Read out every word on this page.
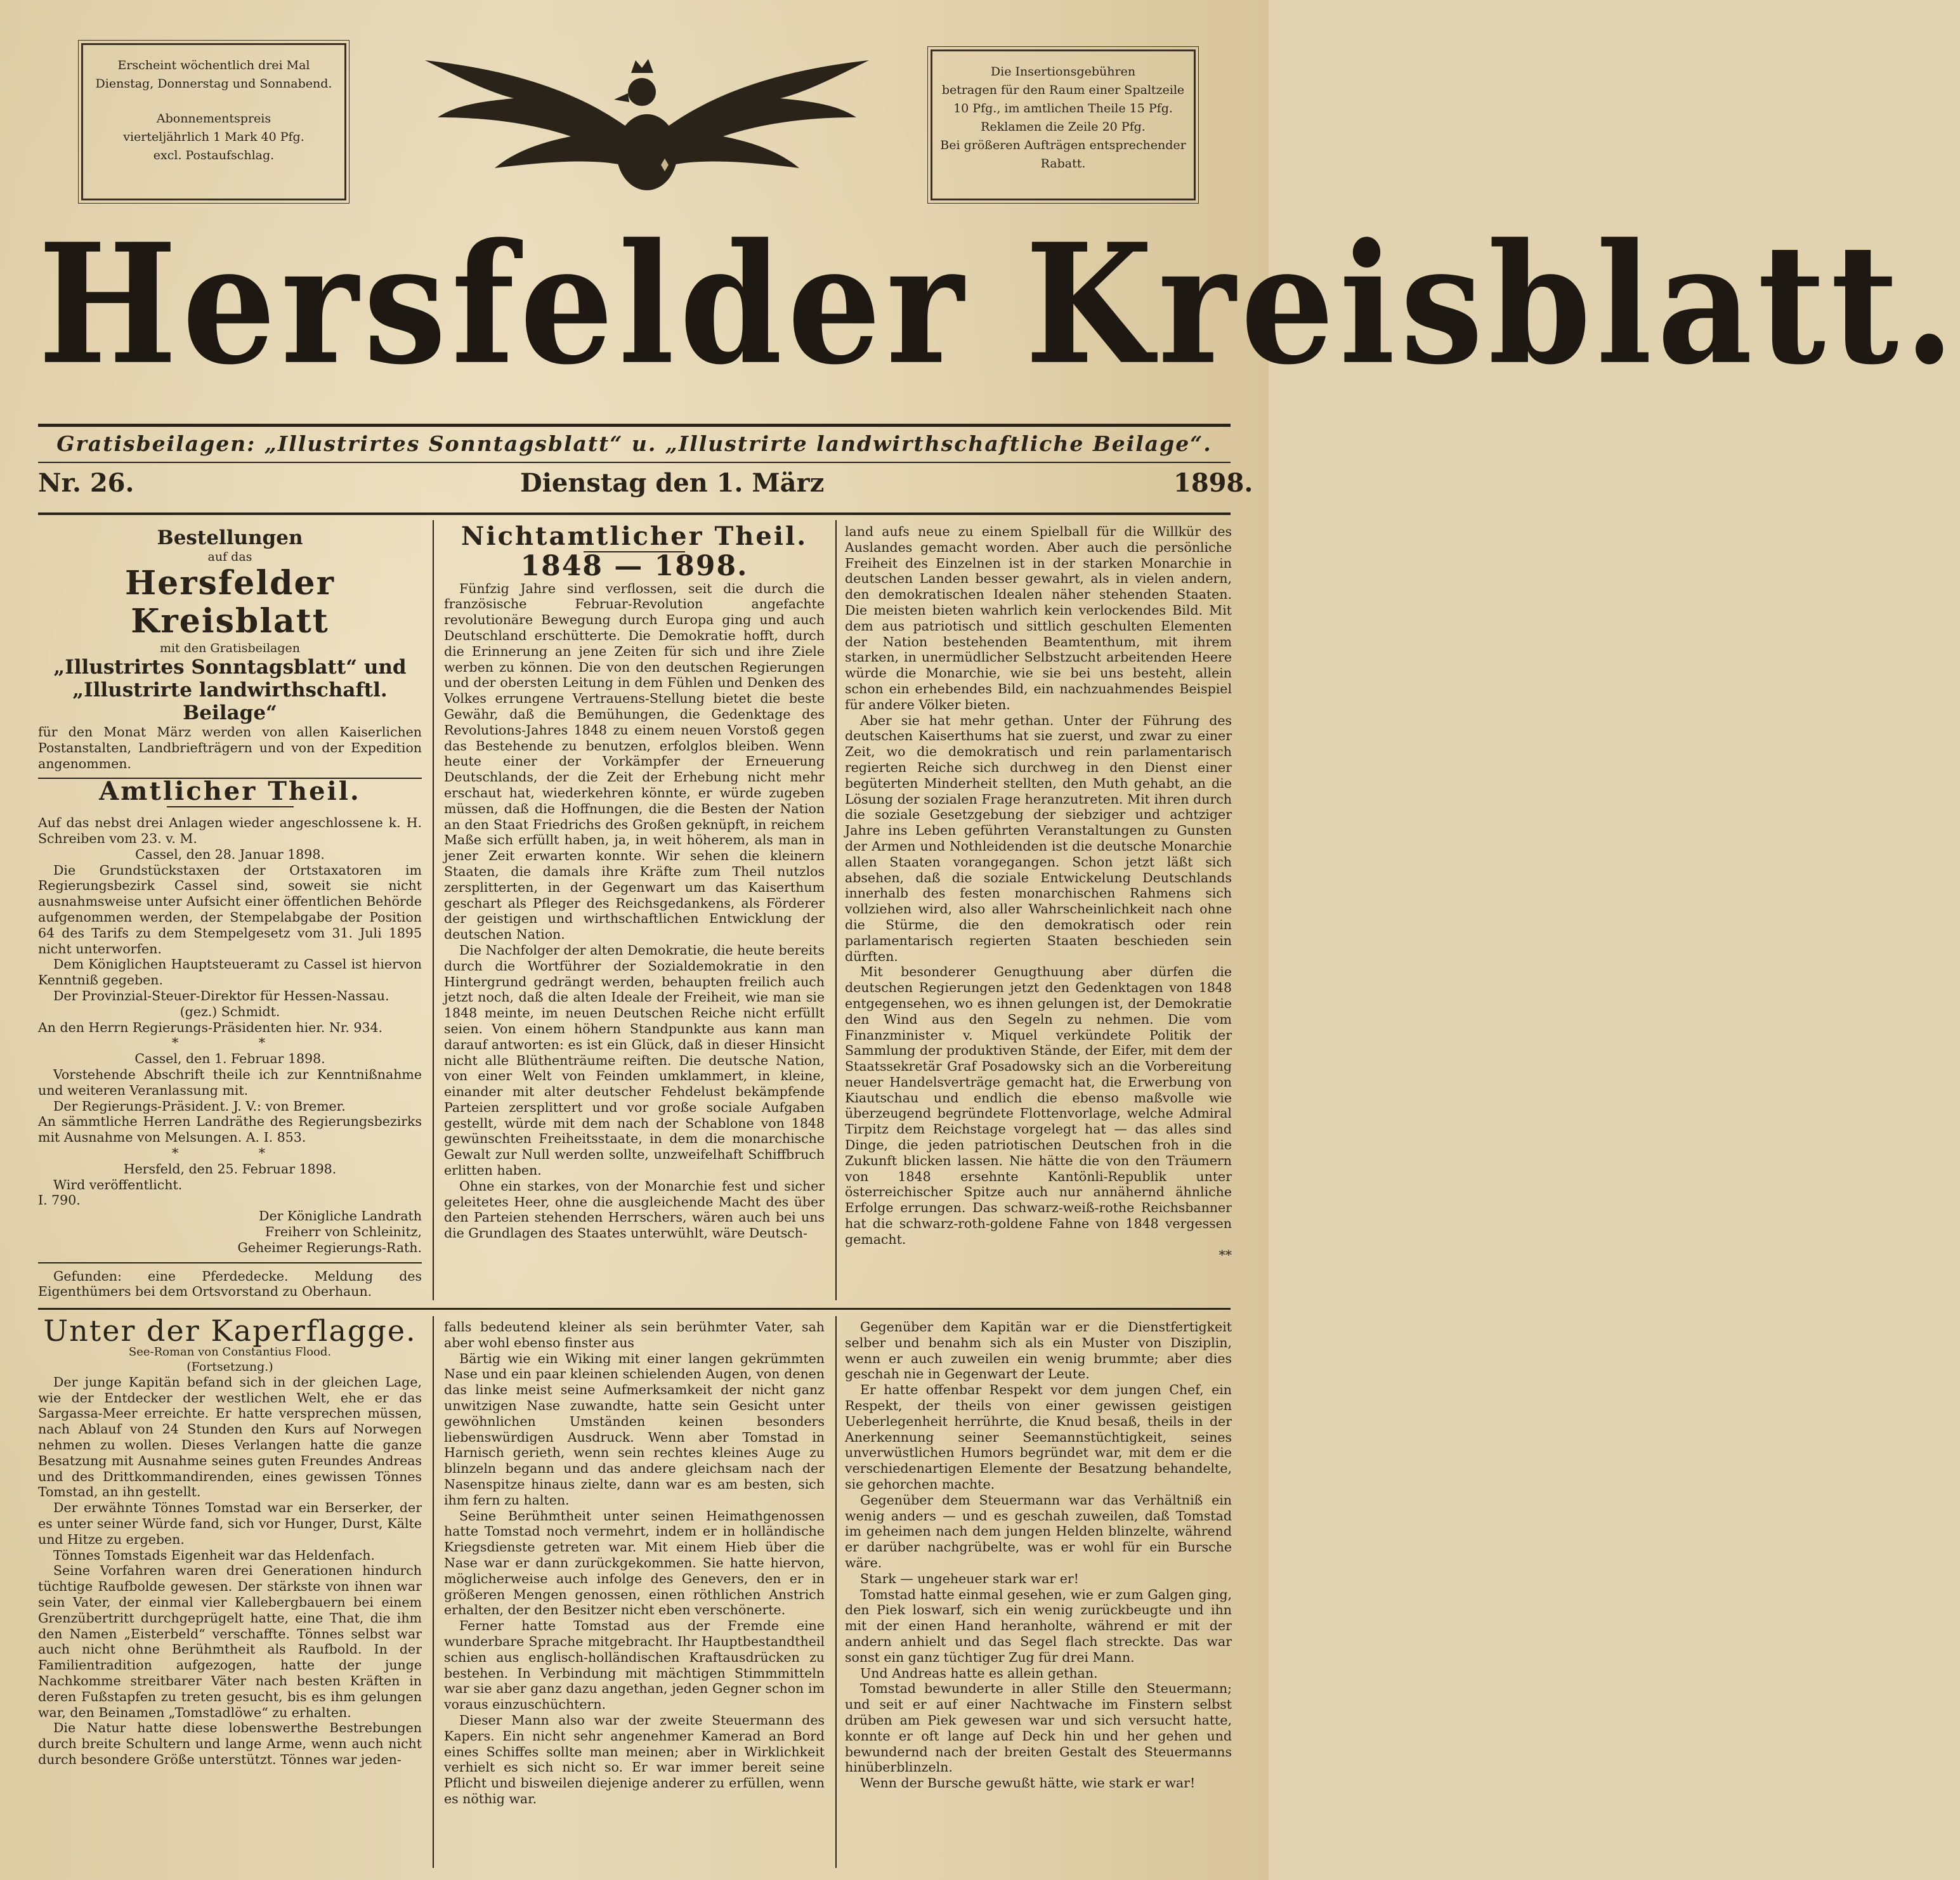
Erscheint wöchentlich drei Mal

Dienstag, Donnerstag und Sonnabend.

Abonnementspreis

vierteljährlich 1 Mark 40 Pfg.

excl. Postaufschlag.

Die Insertionsgebühren

betragen für den Raum einer Spaltzeile

10 Pfg., im amtlichen Theile 15 Pfg.

Reklamen die Zeile 20 Pfg.

Bei größeren Aufträgen entsprechender

Rabatt.

Hersfelder Kreisblatt.
Gratisbeilagen: „Illustrirtes Sonntagsblatt“ u. „Illustrirte landwirthschaftliche Beilage“.
Nr. 26.	Dienstag den 1. März	1898.
Bestellungen
auf das
Hersfelder Kreisblatt
mit den Gratisbeilagen
„Illustrirtes Sonntagsblatt“ und
„Illustrirte landwirthschaftl. Beilage“

für den Monat März werden von allen Kaiserlichen Postanstalten, Landbriefträgern und von der Expedition angenommen.

Amtlicher Theil.

Auf das nebst drei Anlagen wieder angeschlossene k. H. Schreiben vom 23. v. M.

Cassel, den 28. Januar 1898.

Die Grundstückstaxen der Ortstaxatoren im Regierungsbezirk Cassel sind, soweit sie nicht ausnahmsweise unter Aufsicht einer öffentlichen Behörde aufgenommen werden, der Stempelabgabe der Position 64 des Tarifs zu dem Stempelgesetz vom 31. Juli 1895 nicht unterworfen.

Dem Königlichen Hauptsteueramt zu Cassel ist hiervon Kenntniß gegeben.

Der Provinzial-Steuer-Direktor für Hessen-Nassau.

(gez.) Schmidt.

An den Herrn Regierungs-Präsidenten hier. Nr. 934.

* *

Cassel, den 1. Februar 1898.

Vorstehende Abschrift theile ich zur Kenntnißnahme und weiteren Veranlassung mit.

Der Regierungs-Präsident. J. V.: von Bremer.

An sämmtliche Herren Landräthe des Regierungsbezirks mit Ausnahme von Melsungen. A. I. 853.

* *

Hersfeld, den 25. Februar 1898.

Wird veröffentlicht.

I. 790.

Der Königliche Landrath

Freiherr von Schleinitz,

Geheimer Regierungs-Rath.

Gefunden: eine Pferdedecke. Meldung des Eigenthümers bei dem Ortsvorstand zu Oberhaun.

Nichtamtlicher Theil.
1848 — 1898.

Fünfzig Jahre sind verflossen, seit die durch die französische Februar-Revolution angefachte revolutionäre Bewegung durch Europa ging und auch Deutschland erschütterte. Die Demokratie hofft, durch die Erinnerung an jene Zeiten für sich und ihre Ziele werben zu können. Die von den deutschen Regierungen und der obersten Leitung in dem Fühlen und Denken des Volkes errungene Vertrauens-Stellung bietet die beste Gewähr, daß die Bemühungen, die Gedenktage des Revolutions-Jahres 1848 zu einem neuen Vorstoß gegen das Bestehende zu benutzen, erfolglos bleiben. Wenn heute einer der Vorkämpfer der Erneuerung Deutschlands, der die Zeit der Erhebung nicht mehr erschaut hat, wiederkehren könnte, er würde zugeben müssen, daß die Hoffnungen, die die Besten der Nation an den Staat Friedrichs des Großen geknüpft, in reichem Maße sich erfüllt haben, ja, in weit höherem, als man in jener Zeit erwarten konnte. Wir sehen die kleinern Staaten, die damals ihre Kräfte zum Theil nutzlos zersplitterten, in der Gegenwart um das Kaiserthum geschart als Pfleger des Reichsgedankens, als Förderer der geistigen und wirthschaftlichen Entwicklung der deutschen Nation.

Die Nachfolger der alten Demokratie, die heute bereits durch die Wortführer der Sozialdemokratie in den Hintergrund gedrängt werden, behaupten freilich auch jetzt noch, daß die alten Ideale der Freiheit, wie man sie 1848 meinte, im neuen Deutschen Reiche nicht erfüllt seien. Von einem höhern Standpunkte aus kann man darauf antworten: es ist ein Glück, daß in dieser Hinsicht nicht alle Blüthenträume reiften. Die deutsche Nation, von einer Welt von Feinden umklammert, in kleine, einander mit alter deutscher Fehdelust bekämpfende Parteien zersplittert und vor große sociale Aufgaben gestellt, würde mit dem nach der Schablone von 1848 gewünschten Freiheitsstaate, in dem die monarchische Gewalt zur Null werden sollte, unzweifelhaft Schiffbruch erlitten haben.

Ohne ein starkes, von der Monarchie fest und sicher geleitetes Heer, ohne die ausgleichende Macht des über den Parteien stehenden Herrschers, wären auch bei uns die Grundlagen des Staates unterwühlt, wäre Deutsch-

land aufs neue zu einem Spielball für die Willkür des Auslandes gemacht worden. Aber auch die persönliche Freiheit des Einzelnen ist in der starken Monarchie in deutschen Landen besser gewahrt, als in vielen andern, den demokratischen Idealen näher stehenden Staaten. Die meisten bieten wahrlich kein verlockendes Bild. Mit dem aus patriotisch und sittlich geschulten Elementen der Nation bestehenden Beamtenthum, mit ihrem starken, in unermüdlicher Selbstzucht arbeitenden Heere würde die Monarchie, wie sie bei uns besteht, allein schon ein erhebendes Bild, ein nachzuahmendes Beispiel für andere Völker bieten.

Aber sie hat mehr gethan. Unter der Führung des deutschen Kaiserthums hat sie zuerst, und zwar zu einer Zeit, wo die demokratisch und rein parlamentarisch regierten Reiche sich durchweg in den Dienst einer begüterten Minderheit stellten, den Muth gehabt, an die Lösung der sozialen Frage heranzutreten. Mit ihren durch die soziale Gesetzgebung der siebziger und achtziger Jahre ins Leben geführten Veranstaltungen zu Gunsten der Armen und Nothleidenden ist die deutsche Monarchie allen Staaten vorangegangen. Schon jetzt läßt sich absehen, daß die soziale Entwickelung Deutschlands innerhalb des festen monarchischen Rahmens sich vollziehen wird, also aller Wahrscheinlichkeit nach ohne die Stürme, die den demokratisch oder rein parlamentarisch regierten Staaten beschieden sein dürften.

Mit besonderer Genugthuung aber dürfen die deutschen Regierungen jetzt den Gedenktagen von 1848 entgegensehen, wo es ihnen gelungen ist, der Demokratie den Wind aus den Segeln zu nehmen. Die vom Finanzminister v. Miquel verkündete Politik der Sammlung der produktiven Stände, der Eifer, mit dem der Staatssekretär Graf Posadowsky sich an die Vorbereitung neuer Handelsverträge gemacht hat, die Erwerbung von Kiautschau und endlich die ebenso maßvolle wie überzeugend begründete Flottenvorlage, welche Admiral Tirpitz dem Reichstage vorgelegt hat — das alles sind Dinge, die jeden patriotischen Deutschen froh in die Zukunft blicken lassen. Nie hätte die von den Träumern von 1848 ersehnte Kantönli-Republik unter österreichischer Spitze auch nur annähernd ähnliche Erfolge errungen. Das schwarz-weiß-rothe Reichsbanner hat die schwarz-roth-goldene Fahne von 1848 vergessen gemacht.

**

Unter der Kaperflagge.
See-Roman von Constantius Flood.
(Fortsetzung.)

Der junge Kapitän befand sich in der gleichen Lage, wie der Entdecker der westlichen Welt, ehe er das Sargassa-Meer erreichte. Er hatte versprechen müssen, nach Ablauf von 24 Stunden den Kurs auf Norwegen nehmen zu wollen. Dieses Verlangen hatte die ganze Besatzung mit Ausnahme seines guten Freundes Andreas und des Drittkommandirenden, eines gewissen Tönnes Tomstad, an ihn gestellt.

Der erwähnte Tönnes Tomstad war ein Berserker, der es unter seiner Würde fand, sich vor Hunger, Durst, Kälte und Hitze zu ergeben.

Tönnes Tomstads Eigenheit war das Heldenfach.

Seine Vorfahren waren drei Generationen hindurch tüchtige Raufbolde gewesen. Der stärkste von ihnen war sein Vater, der einmal vier Kallebergbauern bei einem Grenzübertritt durchgeprügelt hatte, eine That, die ihm den Namen „Eisterbeld“ verschaffte. Tönnes selbst war auch nicht ohne Berühmtheit als Raufbold. In der Familientradition aufgezogen, hatte der junge Nachkomme streitbarer Väter nach besten Kräften in deren Fußstapfen zu treten gesucht, bis es ihm gelungen war, den Beinamen „Tomstadlöwe“ zu erhalten.

Die Natur hatte diese lobenswerthe Bestrebungen durch breite Schultern und lange Arme, wenn auch nicht durch besondere Größe unterstützt. Tönnes war jeden-

falls bedeutend kleiner als sein berühmter Vater, sah aber wohl ebenso finster aus

Bärtig wie ein Wiking mit einer langen gekrümmten Nase und ein paar kleinen schielenden Augen, von denen das linke meist seine Aufmerksamkeit der nicht ganz unwitzigen Nase zuwandte, hatte sein Gesicht unter gewöhnlichen Umständen keinen besonders liebenswürdigen Ausdruck. Wenn aber Tomstad in Harnisch gerieth, wenn sein rechtes kleines Auge zu blinzeln begann und das andere gleichsam nach der Nasenspitze hinaus zielte, dann war es am besten, sich ihm fern zu halten.

Seine Berühmtheit unter seinen Heimathgenossen hatte Tomstad noch vermehrt, indem er in holländische Kriegsdienste getreten war. Mit einem Hieb über die Nase war er dann zurückgekommen. Sie hatte hiervon, möglicherweise auch infolge des Genevers, den er in größeren Mengen genossen, einen röthlichen Anstrich erhalten, der den Besitzer nicht eben verschönerte.

Ferner hatte Tomstad aus der Fremde eine wunderbare Sprache mitgebracht. Ihr Hauptbestandtheil schien aus englisch-holländischen Kraftausdrücken zu bestehen. In Verbindung mit mächtigen Stimmmitteln war sie aber ganz dazu angethan, jeden Gegner schon im voraus einzuschüchtern.

Dieser Mann also war der zweite Steuermann des Kapers. Ein nicht sehr angenehmer Kamerad an Bord eines Schiffes sollte man meinen; aber in Wirklichkeit verhielt es sich nicht so. Er war immer bereit seine Pflicht und bisweilen diejenige anderer zu erfüllen, wenn es nöthig war.

Gegenüber dem Kapitän war er die Dienstfertigkeit selber und benahm sich als ein Muster von Disziplin, wenn er auch zuweilen ein wenig brummte; aber dies geschah nie in Gegenwart der Leute.

Er hatte offenbar Respekt vor dem jungen Chef, ein Respekt, der theils von einer gewissen geistigen Ueberlegenheit herrührte, die Knud besaß, theils in der Anerkennung seiner Seemannstüchtigkeit, seines unverwüstlichen Humors begründet war, mit dem er die verschiedenartigen Elemente der Besatzung behandelte, sie gehorchen machte.

Gegenüber dem Steuermann war das Verhältniß ein wenig anders — und es geschah zuweilen, daß Tomstad im geheimen nach dem jungen Helden blinzelte, während er darüber nachgrübelte, was er wohl für ein Bursche wäre.

Stark — ungeheuer stark war er!

Tomstad hatte einmal gesehen, wie er zum Galgen ging, den Piek loswarf, sich ein wenig zurückbeugte und ihn mit der einen Hand heranholte, während er mit der andern anhielt und das Segel flach streckte. Das war sonst ein ganz tüchtiger Zug für drei Mann.

Und Andreas hatte es allein gethan.

Tomstad bewunderte in aller Stille den Steuermann; und seit er auf einer Nachtwache im Finstern selbst drüben am Piek gewesen war und sich versucht hatte, konnte er oft lange auf Deck hin und her gehen und bewundernd nach der breiten Gestalt des Steuermanns hinüberblinzeln.

Wenn der Bursche gewußt hätte, wie stark er war!
